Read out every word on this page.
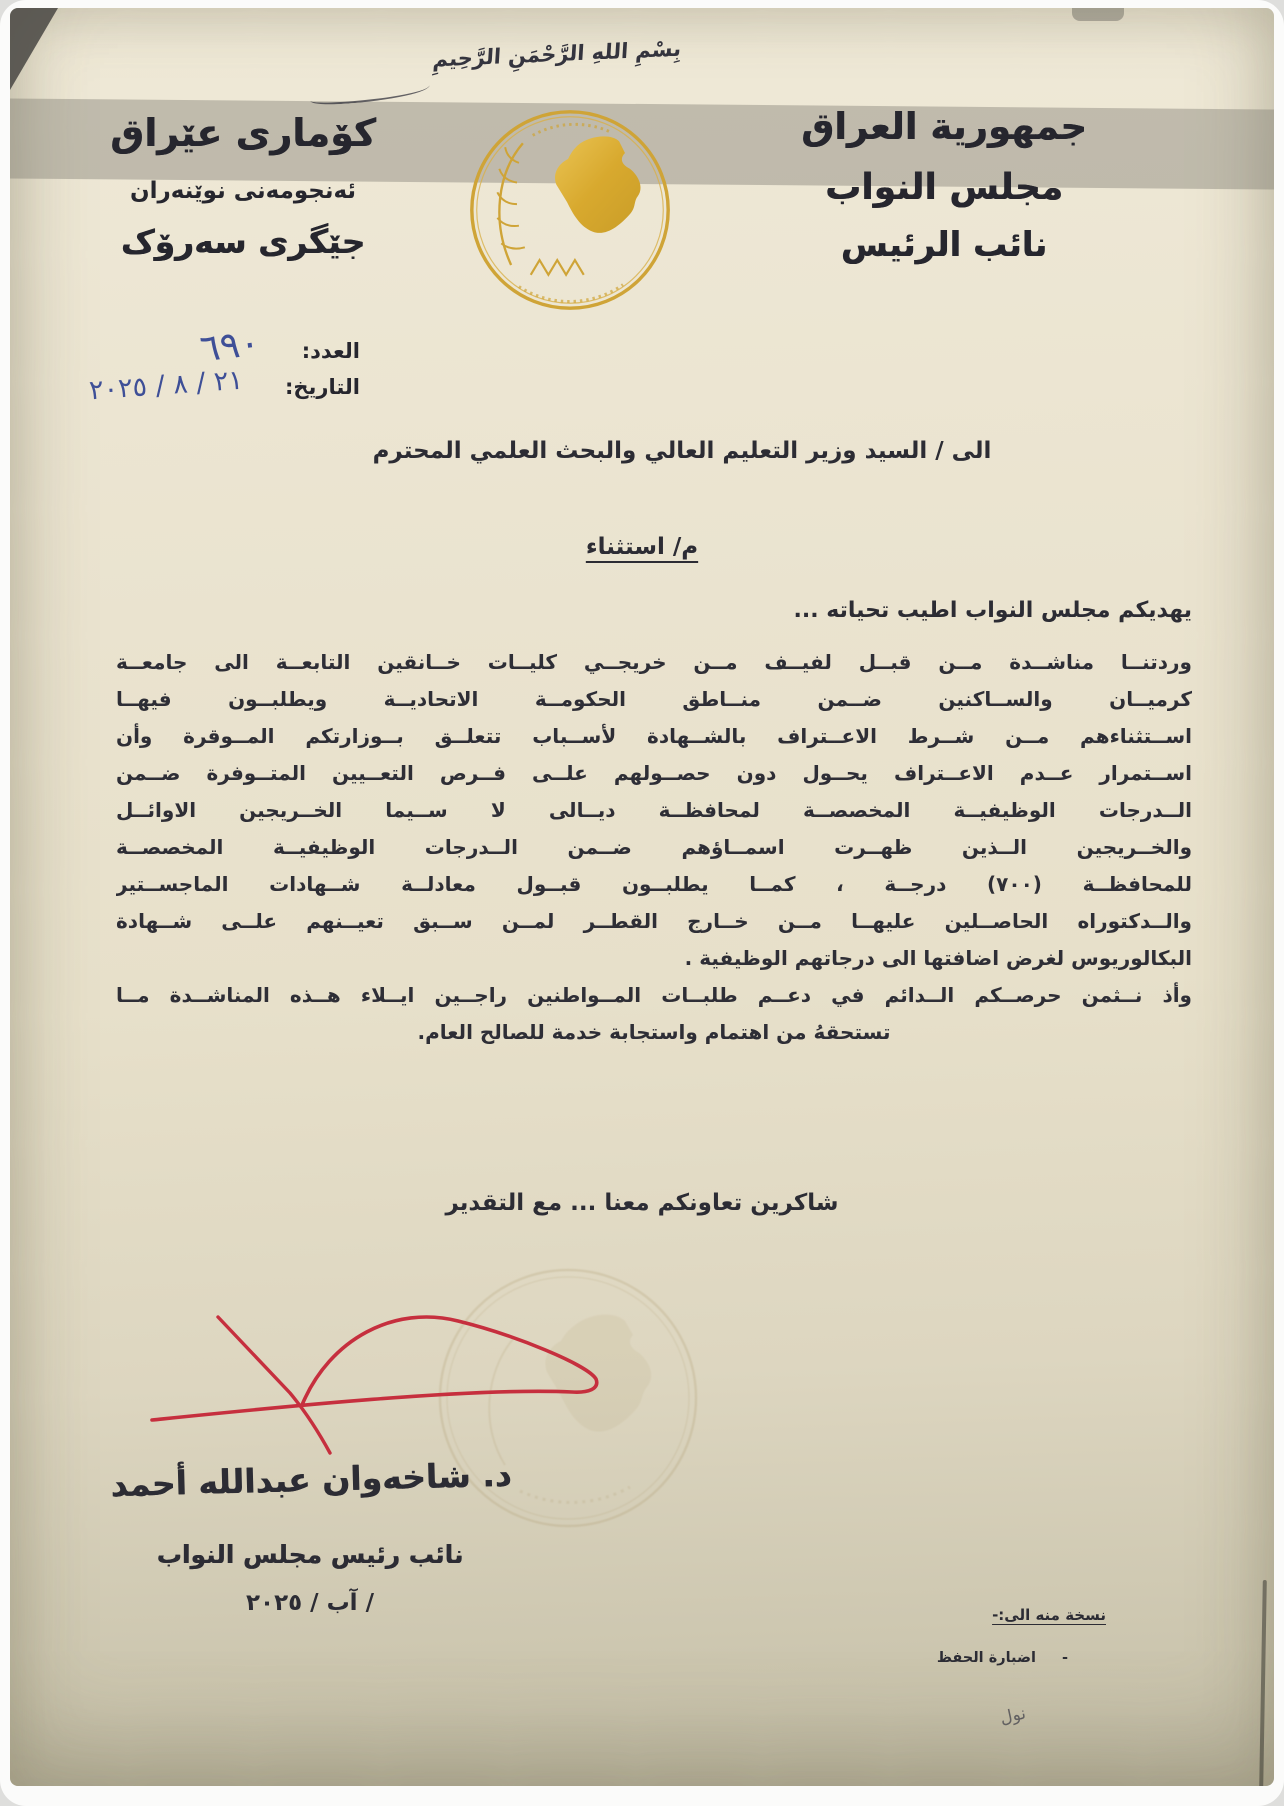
بِسْمِ اللهِ الرَّحْمَنِ الرَّحِيمِ
جمهورية العراق
مجلس النواب
نائب الرئيس
كۆماری عێراق
ئەنجومەنی نوێنەران
جێگری سەرۆک
العدد:
٦٩٠
التاريخ:
٢١ / ٨ / ٢٠٢٥
الى / السيد وزير التعليم العالي والبحث العلمي المحترم
م/ استثناء
يهديكم مجلس النواب اطيب تحياته ...
وردتنــا مناشــدة مــن قبــل لفيــف مــن خريجــي كليــات خــانقين التابعــة الى جامعــة
كرميــان والســاكنين ضــمن منــاطق الحكومــة الاتحاديــة ويطلبــون فيهــا
اســتثناءهم مــن شــرط الاعــتراف بالشــهادة لأســباب تتعلــق بــوزارتكم المــوقرة وأن
اســتمرار عــدم الاعــتراف يحــول دون حصــولهم علــى فــرص التعــيين المتــوفرة ضــمن
الــدرجات الوظيفيــة المخصصــة لمحافظــة ديــالى لا ســيما الخــريجين الاوائــل
والخــريجين الــذين ظهــرت اسمــاؤهم ضــمن الــدرجات الوظيفيــة المخصصــة
للمحافظــة (٧٠٠) درجــة ، كمــا يطلبــون قبــول معادلــة شــهادات الماجســتير
والــدكتوراه الحاصــلين عليهــا مــن خــارج القطــر لمــن ســبق تعيــنهم علــى شــهادة
البكالوريوس لغرض اضافتها الى درجاتهم الوظيفية .
وأذ نــثمن حرصــكم الــدائم في دعــم طلبــات المــواطنين راجــين ايــلاء هــذه المناشــدة مــا
تستحقهُ من اهتمام واستجابة خدمة للصالح العام.
شاكرين تعاونكم معنا ... مع التقدير
د. شاخەوان عبدالله أحمد
نائب رئيس مجلس النواب
/ آب / ٢٠٢٥	نسخة منه الى:-
-
اضبارة الحفظ
نول
